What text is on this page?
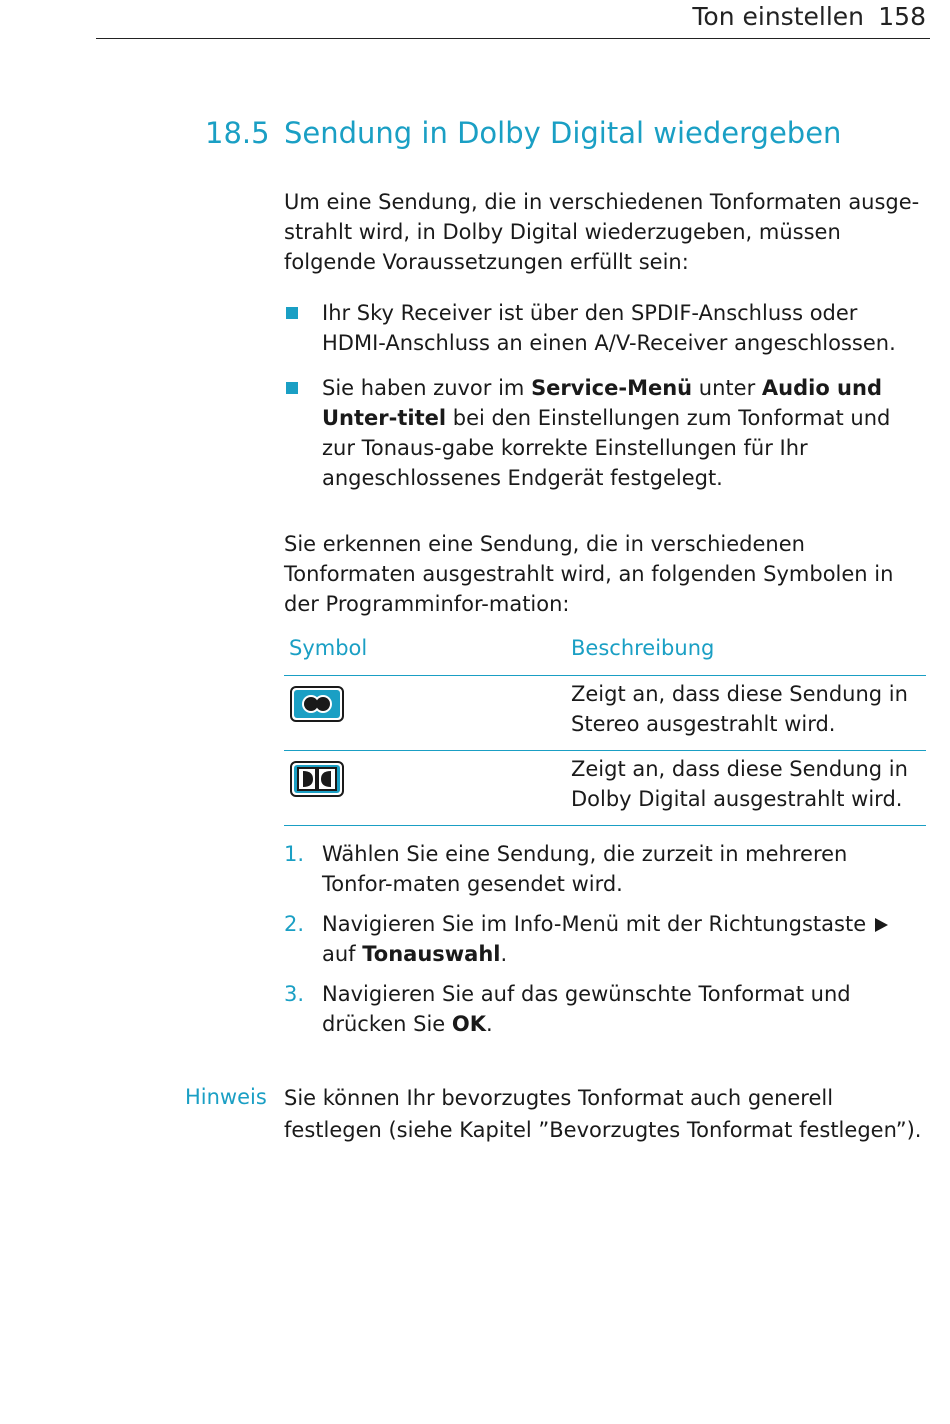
Ton einstellen 158
18.5 Sendung in Dolby Digital wiedergeben
Um eine Sendung, die in verschiedenen Tonformaten ausge-strahlt wird, in Dolby Digital wiederzugeben, müssen folgende Voraussetzungen erfüllt sein:
Ihr Sky Receiver ist über den SPDIF-Anschluss oder HDMI-Anschluss an einen A/V-Receiver angeschlossen.
Sie haben zuvor im Service-Menü unter Audio und Unter-titel bei den Einstellungen zum Tonformat und zur Tonaus-gabe korrekte Einstellungen für Ihr angeschlossenes Endgerät festgelegt.
Sie erkennen eine Sendung, die in verschiedenen Tonformaten ausgestrahlt wird, an folgenden Symbolen in der Programminfor-mation:
Symbol	Beschreibung
Zeigt an, dass diese Sendung in Stereo ausgestrahlt wird.
Zeigt an, dass diese Sendung in Dolby Digital ausgestrahlt wird.
1. Wählen Sie eine Sendung, die zurzeit in mehreren Tonfor-maten gesendet wird.
2. Navigieren Sie im Info-Menü mit der Richtungstaste  auf Tonauswahl.
3. Navigieren Sie auf das gewünschte Tonformat und drücken Sie OK.
Hinweis Sie können Ihr bevorzugtes Tonformat auch generell festlegen (siehe Kapitel ”Bevorzugtes Tonformat festlegen”).
